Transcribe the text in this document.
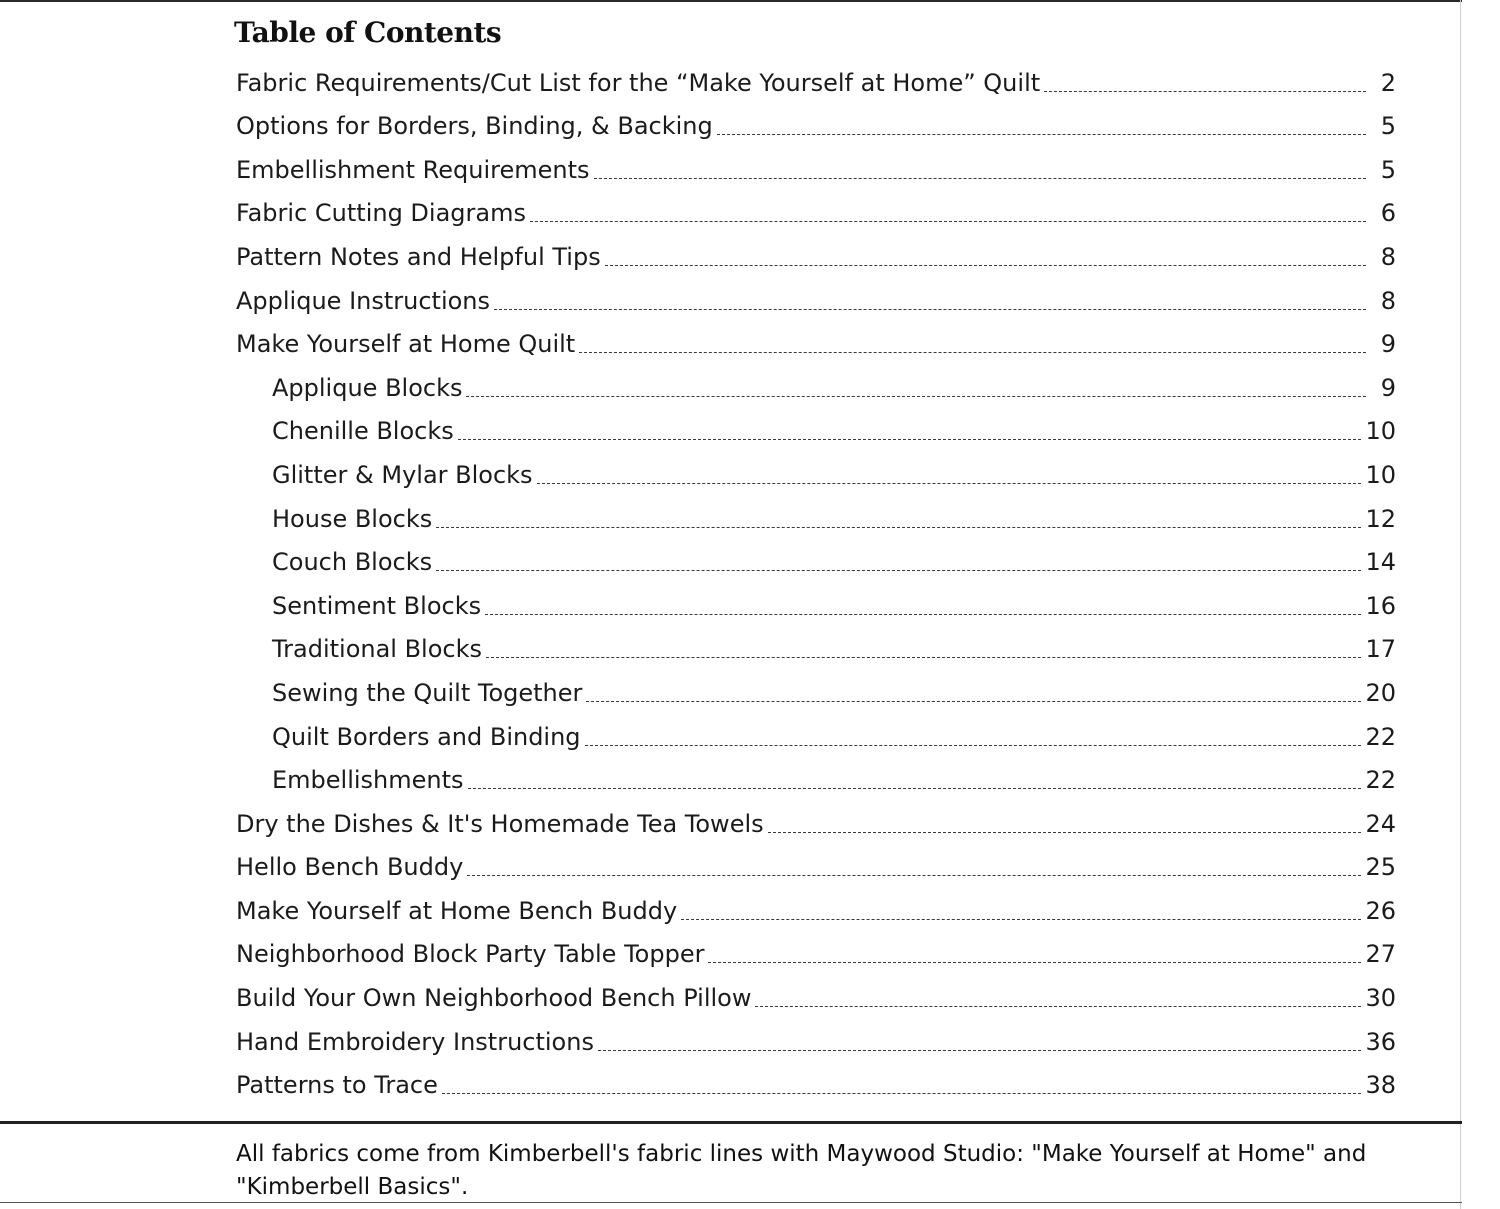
Table of Contents
Fabric Requirements/Cut List for the “Make Yourself at Home” Quilt	2
Options for Borders, Binding, & Backing	5
Embellishment Requirements	5
Fabric Cutting Diagrams	6
Pattern Notes and Helpful Tips	8
Applique Instructions	8
Make Yourself at Home Quilt	9
Applique Blocks	9
Chenille Blocks	10
Glitter & Mylar Blocks	10
House Blocks	12
Couch Blocks	14
Sentiment Blocks	16
Traditional Blocks	17
Sewing the Quilt Together	20
Quilt Borders and Binding	22
Embellishments	22
Dry the Dishes & It's Homemade Tea Towels	24
Hello Bench Buddy	25
Make Yourself at Home Bench Buddy	26
Neighborhood Block Party Table Topper	27
Build Your Own Neighborhood Bench Pillow	30
Hand Embroidery Instructions	36
Patterns to Trace	38

All fabrics come from Kimberbell's fabric lines with Maywood Studio: "Make Yourself at Home" and "Kimberbell Basics".
